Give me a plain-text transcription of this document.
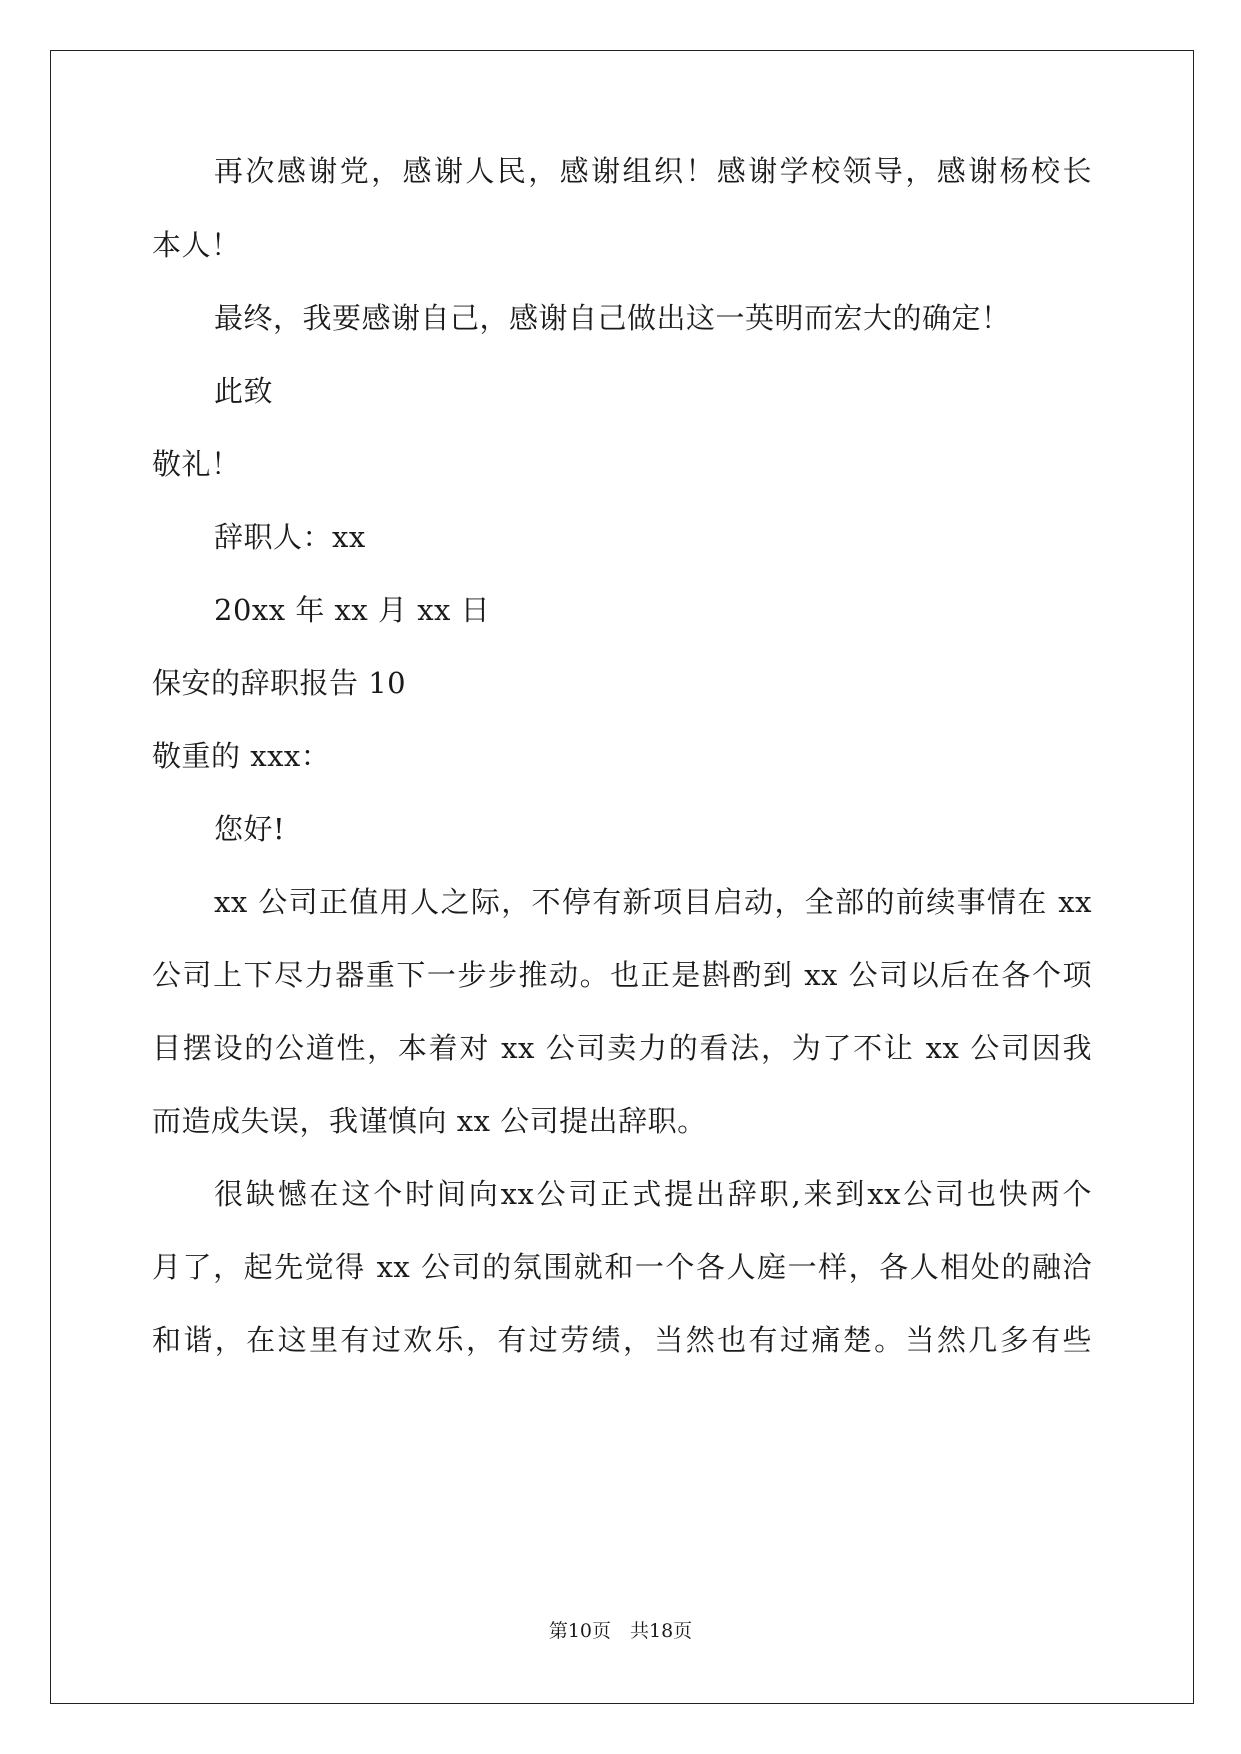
再次感谢党，感谢人民，感谢组织！感谢学校领导，感谢杨校长
本人！
最终，我要感谢自己，感谢自己做出这一英明而宏大的确定！
此致
敬礼！
辞职人：xx
20xx 年 xx 月 xx 日
保安的辞职报告 10
敬重的 xxx：
您好!
xx 公司正值用人之际，不停有新项目启动，全部的前续事情在 xx
公司上下尽力器重下一步步推动。也正是斟酌到 xx 公司以后在各个项
目摆设的公道性，本着对 xx 公司卖力的看法，为了不让 xx 公司因我
而造成失误，我谨慎向 xx 公司提出辞职。
很缺憾在这个时间向xx公司正式提出辞职,来到xx公司也快两个
月了，起先觉得 xx 公司的氛围就和一个各人庭一样，各人相处的融洽
和谐，在这里有过欢乐，有过劳绩，当然也有过痛楚。当然几多有些
第10页　共18页
